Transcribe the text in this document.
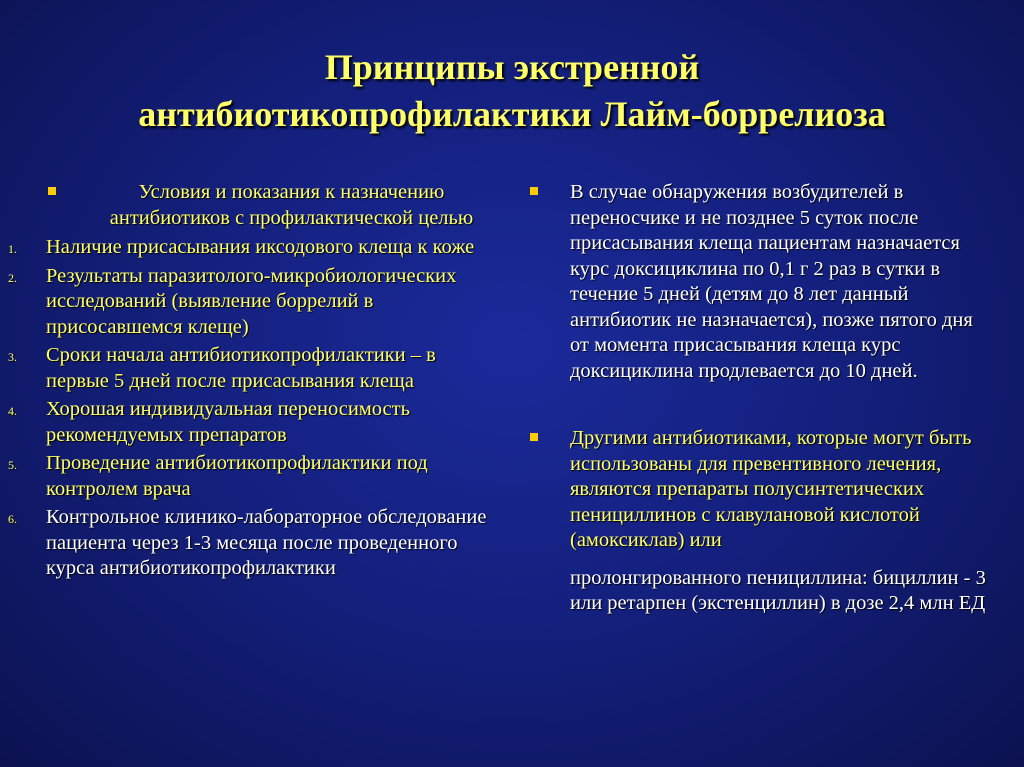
Принципы экстренной
антибиотикопрофилактики Лайм-боррелиоза
Условия и показания к назначению антибиотиков с профилактической целью
1. Наличие присасывания иксодового клеща к коже
2. Результаты паразитолого-микробиологических исследований (выявление боррелий в присосавшемся клеще)
3. Сроки начала антибиотикопрофилактики – в первые 5 дней после присасывания клеща
4. Хорошая индивидуальная переносимость рекомендуемых препаратов
5. Проведение антибиотикопрофилактики под контролем врача
6. Контрольное клинико-лабораторное обследование пациента через 1-3 месяца после проведенного курса антибиотикопрофилактики
В случае обнаружения возбудителей в переносчике и не позднее 5 суток после присасывания клеща пациентам назначается курс доксициклина по 0,1 г 2 раз в сутки в течение 5 дней (детям до 8 лет данный антибиотик не назначается), позже пятого дня от момента присасывания клеща курс доксициклина продлевается до 10 дней.
Другими антибиотиками, которые могут быть использованы для превентивного лечения, являются препараты полусинтетических пенициллинов с клавулановой кислотой (амоксиклав) или
пролонгированного пенициллина: бициллин - 3 или ретарпен (экстенциллин) в дозе 2,4 млн ЕД
